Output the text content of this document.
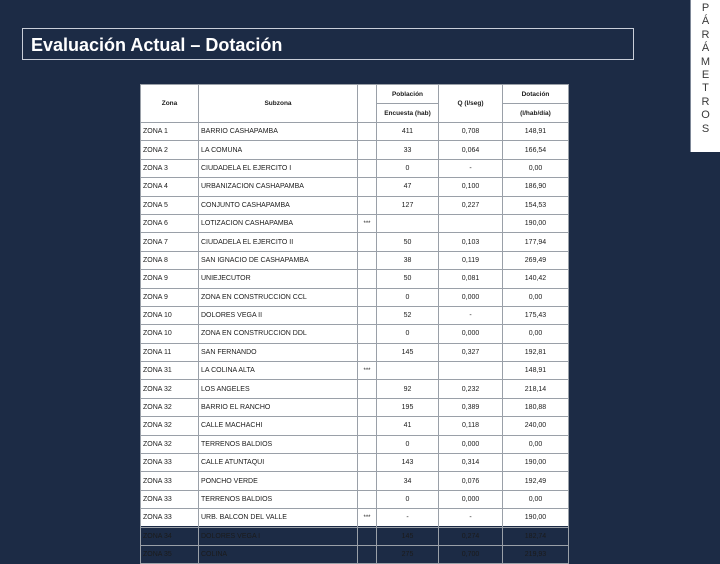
Evaluación Actual – Dotación
P
Á
R
Á
M
E
T
R
O
S
Zona	Subzona		Población	Q (l/seg)	Dotación
			Encuesta (hab)		(l/hab/día)
ZONA 1	BARRIO CASHAPAMBA		411	0,708	148,91
ZONA 2	LA COMUNA		33	0,064	166,54
ZONA 3	CIUDADELA EL EJERCITO I		0	-	0,00
ZONA 4	URBANIZACION CASHAPAMBA		47	0,100	186,90
ZONA 5	CONJUNTO CASHAPAMBA		127	0,227	154,53
ZONA 6	LOTIZACION CASHAPAMBA	***			190,00
ZONA 7	CIUDADELA EL EJERCITO II		50	0,103	177,94
ZONA 8	SAN IGNACIO DE CASHAPAMBA		38	0,119	269,49
ZONA 9	UNIEJECUTOR		50	0,081	140,42
ZONA 9	ZONA EN CONSTRUCCION CCL		0	0,000	0,00
ZONA 10	DOLORES VEGA II		52	-	175,43
ZONA 10	ZONA EN CONSTRUCCION DDL		0	0,000	0,00
ZONA 11	SAN FERNANDO		145	0,327	192,81
ZONA 31	LA COLINA ALTA	***			148,91
ZONA 32	LOS ANGELES		92	0,232	218,14
ZONA 32	BARRIO EL RANCHO		195	0,389	180,88
ZONA 32	CALLE MACHACHI		41	0,118	240,00
ZONA 32	TERRENOS BALDIOS		0	0,000	0,00
ZONA 33	CALLE ATUNTAQUI		143	0,314	190,00
ZONA 33	PONCHO VERDE		34	0,076	192,49
ZONA 33	TERRENOS BALDIOS		0	0,000	0,00
ZONA 33	URB. BALCON DEL VALLE	***	-	-	190,00
ZONA 34	DOLORES VEGA I		145	0,274	182,74
ZONA 35	COLINA		275	0,700	219,93
